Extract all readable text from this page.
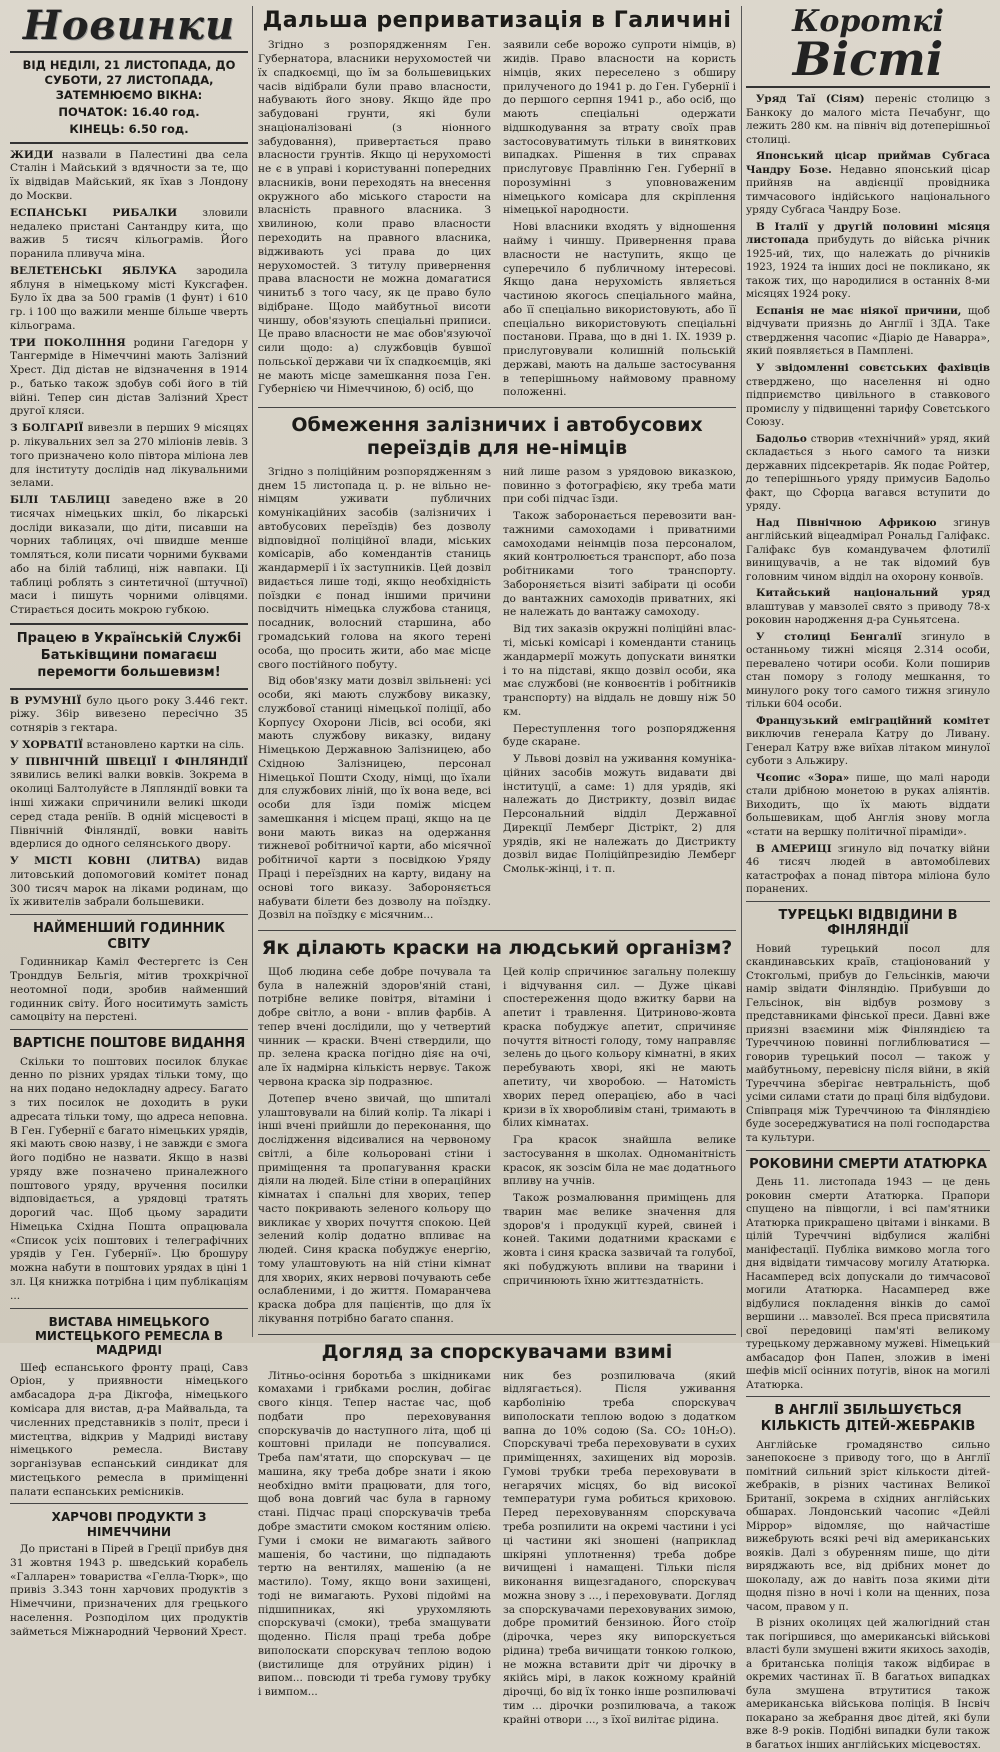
Новинки
ВІД НЕДІЛІ, 21 ЛИСТОПАДА, ДО СУБОТИ, 27 ЛИСТОПАДА, ЗАТЕМНЮЄМО ВІКНА:
ПОЧАТОК: 16.40 год.
КІНЕЦЬ: 6.50 год.

ЖИДИ назвали в Палестині два села Сталін і Майський з вдячности за те, що їх відвідав Майський, як їхав з Лондону до Москви.

ЕСПАНСЬКІ РИБАЛКИ зловили недалеко пристані Сантандру кита, що важив 5 тисяч кільограмів. Його поранила пливуча міна.

ВЕЛЕТЕНСЬКІ ЯБЛУКА зародила яблуня в німецькому місті Куксгафен. Було їх два за 500 грамів (1 фунт) і 610 гр. і 100 що важили менше більше чверть кільограма.

ТРИ ПОКОЛІННЯ родини Гагедорн у Тангерміде в Німеччині мають Залізний Хрест. Дід дістав не відзначення в 1914 р., батько також здобув собі його в тій війні. Тепер син дістав Залізний Хрест другої кляси.

З БОЛГАРІЇ вивезли в перших 9 місяцях р. лікувальних зел за 270 міліонів левів. З того призначено коло півтора міліона лев для інституту дослідів над лікувальними зелами.

БІЛІ ТАБЛИЦІ заведено вже в 20 тисячах німецьких шкіл, бо лікарські досліди виказали, що діти, писавши на чорних таблицях, очі швидше менше томляться, коли писати чорними буквами або на білій таблиці, ніж навпаки. Ці таблиці роблять з синтетичної (штучної) маси і пишуть чорними олівцями. Стирається досить мокрою губкою.

Працею в Українській Службі Батьківщини помагаєш перемогти большевизм!

В РУМУНІЇ було цього року 3.446 гект. ріжу. 36ір вивезено пересічно 35 сотнярів з гектара.

У ХОРВАТІЇ встановлено картки на сіль.

У ПІВНІЧНІЙ ШВЕЦІЇ І ФІНЛЯНДІЇ зявились великі валки вовків. Зокрема в околиці Балтолуйсте в Ляпляндії вовки та інші хижаки спричинили великі шкоди серед стада реніїв. В одній місцевості в Північній Фінляндії, вовки навіть вдерлися до одного селянського двору.

У МІСТІ КОВНІ (ЛИТВА) видав литовський допомоговий комітет понад 300 тисяч марок на ліками родинам, що їх живителів забрали большевики.

НАЙМЕНШИЙ ГОДИННИК СВІТУ

Годинникар Каміл Фестергетс із Сен Тронддув Бельгія, мітив трохкрічної неотомної поди, зробив найменший годинник світу. Його носитимуть замість самоцвіту на перстені.

ВАРТІСНЕ ПОШТОВЕ ВИДАННЯ

Скільки то поштових посилок блукає денно по різних урядах тільки тому, що на них подано недокладну адресу. Багато з тих посилок не доходить в руки адресата тільки тому, що адреса неповна. В Ген. Губернії є багато німецьких урядів, які мають свою назву, і не завжди є змога його подібно не назвати. Якщо в назві уряду вже позначено приналежного поштового уряду, вручення посилки відповідається, а урядовці тратять дорогий час. Щоб цьому зарадити Німецька Східна Пошта опрацювала «Список усіх поштових і телеграфічних урядів у Ген. Губернії». Цю брошуру можна набути в поштових урядах в ціні 1 зл. Ця книжка потрібна і цим публікаціям ...

ВИСТАВА НІМЕЦЬКОГО МИСТЕЦЬКОГО РЕМЕСЛА В МАДРИДІ

Шеф еспанського фронту праці, Савз Оріон, у приявности німецького амбасадора д-ра Дікгофа, німецького комісара для вистав, д-ра Майвальда, та численних представників з політ, преси і мистецтва, відкрив у Мадриді виставу німецького ремесла. Виставу зорганізував еспанський синдикат для мистецького ремесла в приміщенні палати еспанських ремісників.

ХАРЧОВІ ПРОДУКТИ З НІМЕЧЧИНИ

До пристані в Пірей в Греції прибув дня 31 жовтня 1943 р. шведський корабель «Галларен» товариства «Гелла-Тюрк», що привіз 3.343 тонн харчових продуктів з Німеччини, призначених для грецького населення. Розподілом цих продуктів займеться Міжнародний Червоний Хрест.

Дальша реприватизація в Галичині

Згідно з розпорядженням Ген. Губернатора, власники нерухомостей чи їх спадкоємці, що їм за большевицьких часів відібрали були право власности, набувають його знову. Якщо йде про забудовані грунти, які були знаціоналізовані (з ніонного забудовання), привертається право власности грунтів. Якщо ці нерухомості не є в управі і користуванні попередних власників, вони переходять на внесення окружного або міського старости на власність правного власника. З хвилиною, коли право власности переходить на правного власника, відживають усі права до цих нерухомостей. З титулу привернення права власности не можна домагатися чинитьб з того часу, як це право було відібране. Щодо майбутньої висоти чиншу, обов'язують спеціальні приписи. Це право власности не має обов'язуючої сили щодо: а) службовців бувшої польської держави чи їх спадкоємців, які не мають місце замешкання поза Ген. Губернією чи Німеччиною, б) осіб, що

заявили себе ворожо супроти німців, в) жидів. Право власности на користь німців, яких переселено з обширу прилученого до 1941 р. до Ген. Губернії і до першого серпня 1941 р., або осіб, що мають спеціальні одержати відшкодування за втрату своїх прав застосовуватимуть тільки в виняткових випадках. Рішення в тих справах прислуговує Правлінню Ген. Губернії в порозумінні з уповноваженим німецького комісара для скріплення німецької народности.

Нові власники входять у відношення найму і чиншу. Привернення права власности не наступить, якщо це суперечило б публичному інтересові. Якщо дана нерухомість являється частиною якогось спеціального майна, або її спеціально використовують, або її спеціально використовують спеціальні постанови. Права, що в дні 1. IX. 1939 р. прислуговували колишній польській державі, мають на дальше застосування в теперішньому наймовому правному положенні.

Обмеження залізничих і автобусових переїздів для не-німців

Згідно з поліційним розпорядженням з днем 15 листопада ц. р. не вільно не-німцям уживати публичних комунікаційних засобів (залізничих і автобусових переїздів) без дозволу відповідної поліційної влади, міських комісарів, або комендантів станиць жандармерії і їх заступників. Цей дозвіл видається лише тоді, якщо необхідність поїздки є понад іншими причини посвідчить німецька службова станиця, посадник, волосний старшина, або громадський голова на якого терені особа, що просить жити, або має місце свого постійного побуту.

Від обов'язку мати дозвіл звільнені: усі особи, які мають службову виказку, службової станиці німецької поліції, або Корпусу Охорони Лісів, всі особи, які мають службову виказку, видану Німецькою Державною Залізницею, або Східною Залізницею, персонал Німецької Пошти Сходу, німці, що їхали для службових ліній, що їх вона веде, всі особи для їзди поміж місцем замешкання і місцем праці, якщо на це вони мають виказ на одержання тижневої робітничої карти, або місячної робітничої карти з посвідкою Уряду Праці і переїздних на карту, видану на основі того виказу. Забороняється набувати білети без дозволу на поїздку. Дозвіл на поїздку є місячним...

ний лише разом з урядовою виказкою, повинно з фотографією, яку треба мати при собі підчас їзди.

Також заборонається перевозити вантажними самоходами і приватними самоходами неінмців поза персоналом, який контролюється транспорт, або поза робітниками того транспорту. Забороняється візиті забірати ці особи до вантажних самоходів приватних, які не належать до вантажу самоходу.

Від тих заказів окружні поліційні власті, міські комісарі і коменданти станиць жандармерії можуть допускати винятки і то на підставі, якщо дозвіл особи, яка має службові (не конвоєнтів і робітників транспорту) на віддаль не довшу ніж 50 км.

Переступлення того розпорядження буде скаране.

У Львові дозвіл на уживання комунікаційних засобів можуть видавати дві інституції, а саме: 1) для урядів, які належать до Дистрикту, дозвіл видає Персональний відділ Державної Дирекції Лемберг Дістрікт, 2) для урядів, які не належать до Дистрикту дозвіл видає Поліційпрезидію Лемберг Смольк-жінці, і т. п.

Як ділають краски на людський організм?

Щоб людина себе добре почувала та була в належній здоров'яній стані, потрібне велике повітря, вітаміни і добре світло, а вони - вплив фарбів. А тепер вчені дослідили, що у четвертий чинник — краски. Вчені ствердили, що пр. зелена краска погідно діяє на очі, але їх надмірна кількість нервує. Також червона краска зір подразнює.

Дотепер вчено звичай, що шпиталі улаштовували на білий колір. Та лікарі і інші вчені прийшли до переконання, що дослідження відсивалися на червоному світлі, а біле кольоровані стіни і приміщення та пропагування краски діяли на людей. Біле стіни в операційних кімнатах і спальні для хворих, тепер часто покривають зеленого кольору що викликає у хворих почуття спокою. Цей зелений колір додатно впливає на людей. Синя краска побуджує енергію, тому улаштовують на ній стіни кімнат для хворих, яких нервові почувають себе ослабленими, і до життя. Помаранчева краска добра для пацієнтів, що для їх лікування потрібно багато спання.

Цей колір спричинює загальну полекшу і відчування сил. — Дуже цікаві спостереження щодо вжитку барви на апетит і травлення. Цитриново-жовта краска побуджує апетит, спричиняє почуття вітності голоду, тому направляє зелень до цього кольору кімнатні, в яких перебувають хворі, які не мають апетиту, чи хворобою. — Натомість хворих перед операцією, або в часі кризи в їх хворобливім стані, тримають в білих кімнатах.

Гра красок знайшла велике застосування в школах. Одноманітність красок, як зозсім біла не має додатнього впливу на учнів.

Також розмалювання приміщень для тварин має велике значення для здоров'я і продукції курей, свиней і коней. Такими додатними красками є жовта і синя краска зазвичай та голубої, які побуджують впливи на тварини і спричинюють їхню життєздатність.

Догляд за спорскувачами взимі

Літньо-осіння боротьба з шкідниками комахами і грибками рослин, добігає свого кінця. Тепер настає час, щоб подбати про переховування спорскувачів до наступного літа, щоб ці коштовні прилади не попсувалися. Треба пам'ятати, що спорскувач — це машина, яку треба добре знати і якою необхідно вміти працювати, для того, щоб вона довгий час була в гарному стані. Підчас праці спорскувачів треба добре змастити смоком костяним олією. Гуми і смоки не вимагають зайвого машенія, бо частини, що підпадають тертю на вентилях, машенію (а не мастило). Тому, якщо вони захищені, тоді не вимагають. Рухові підоймі на підшипниках, які урухомляють спорскувачі (смоки), треба змащувати щоденно. Після праці треба добре виполоскати спорскувач теплою водою (вистилище для отруйних рідин) і випом... повсюди ті треба гумову трубку і вимпом...

ник без розпилювача (який відлягається). Після уживання карболінію треба спорскувач виполоскати теплою водою з додатком вапна до 10% содою (Sa. CO₂ 10H₂O). Спорскувачі треба переховувати в сухих приміщеннях, захищених від морозів. Гумові трубки треба переховувати в негарячих місцях, бо від високої температури гума робиться криховою. Перед переховуванням спорскувача треба розпилити на окремі частини і усі ці частини які зношені (наприклад шкіряні уплотнення) треба добре вичищені і намащені. Тільки після виконання вищезгаданого, спорскувач можна знову з ..., і переховувати. Догляд за спорскувачами переховуваних зимою, добре промитий бензиною. Його стоїр (дірочка, через яку випорскується рідина) треба вичищати тонкою голкою, не можна вставити дріт чи дірочку в якійсь мірі, в лакок кожному крайній дірочці, бо від їх тонко інше розпилювачі тим ... дірочки розпилювача, а також крайні отвори ..., з їхої вилітає рідина.

Короткі
Вісті

Уряд Таї (Сіям) переніс столицю з Банкоку до малого міста Печабунг, що лежить 280 км. на північ від дотеперішньої столиці.

Японський цісар приймав Субгаса Чандру Бозе. Недавно японський цісар прийняв на авдієнції провідника тимчасового індійського національного уряду Субгаса Чандру Бозе.

В Італії у другій половині місяця листопада прибудуть до війська річник 1925-ий, тих, що належать до річників 1923, 1924 та інших досі не покликано, як також тих, що народилися в останніх 8-ми місяцях 1924 року.

Еспанія не має ніякої причини, щоб відчувати приязнь до Англії і ЗДА. Таке ствердження часопис «Діаріо де Наварра», який появляється в Памплені.

У звідомленні совєтських фахівців стверджено, що населення ні одно підприємство цивільного в ставкового промислу у підвищенні тарифу Совєтського Союзу.

Бадольо створив «технічний» уряд, який складається з нього самого та низки державних підсекретарів. Як подає Ройтер, до теперішнього уряду примусив Бадольо факт, що Сфорца вагався вступити до уряду.

Над Північною Африкою згинув англійський віцеадмірал Рональд Галіфакс. Галіфакс був командувачем флотилії винищувачів, а не так відомий був головним чином відділ на охорону конвоїв.

Китайський національний уряд влаштував у мавзолеї свято з приводу 78-х роковин народження д-ра Суньятсена.

У столиці Бенгалії згинуло в останньому тижні місяця 2.314 особи, перевалено чотири особи. Коли поширив стан помору з голоду мешкання, то минулого року того самого тижня згинуло тільки 604 особи.

Французький еміграційний комітет виключив генерала Катру до Ливану. Генерал Катру вже виїхав літаком минулої суботи з Альжиру.

Чєопис «Зора» пише, що малі народи стали дрібною монетою в руках аліянтів. Виходить, що їх мають віддати большевикам, щоб Англія знову могла «стати на вершку політичної піраміди».

В АМЕРИЦІ згинуло від початку війни 46 тисяч людей в автомобілевих катастрофах а понад півтора міліона було поранених.

ТУРЕЦЬКІ ВІДВІДИНИ В ФІНЛЯНДІЇ

Новий турецький посол для скандинавських країв, стаціонований у Стокгольмі, прибув до Гельсінків, маючи намір звідати Фінляндію. Прибувши до Гельсінок, він відбув розмову з представниками фінської преси. Давні вже приязні взаємини між Фінляндією та Туреччиною повинні поглиблюватися — говорив турецький посол — також у майбутньому, перевісну після війни, в якій Туреччина зберігає невтральність, щоб усіми силами стати до праці біля відбудови. Співпраця між Туреччиною та Фінляндією буде зосереджуватися на полі господарства та культури.

РОКОВИНИ СМЕРТИ АТАТЮРКА

День 11. листопада 1943 — це день роковин смерти Ататюрка. Прапори спущено на півщогли, і всі пам'ятники Ататюрка прикрашено цвітами і вінками. В цілій Туреччині відбулися жалібні маніфестації. Публіка вимково могла того дня відвідати тимчасову могилу Ататюрка. Насамперед всіх допускали до тимчасової могили Ататюрка. Насамперед вже відбулися покладення вінків до самої вершини ... мавзолеї. Вся преса присвятила свої передовиці пам'яті великому турецькому державному мужеві. Німецький амбасадор фон Папен, зложив в імені шефів місії осінних потугів, вінок на могилі Ататюрка.

В АНГЛІЇ ЗБІЛЬШУЄТЬСЯ КІЛЬКІСТЬ ДІТЕЙ-ЖЕБРАКІВ

Англійське громадянство сильно занепокоєне з приводу того, що в Англії помітний сильний зріст кількости дітей-жебраків, в різних частинах Великої Британії, зокрема в східних англійських обшарах. Лондонський часопис «Дейлі Міррор» відомляє, що найчастіше вижебрують всякі речі від американських вояків. Далі з обуренням пише, що діти виряджають все, від дрібних монет до шоколаду, аж до навіть поза якими діти щодня пізно в ночі і коли на щенних, поза часом, правом у п.

В різних околицях цей жалюгідний стан так погіршився, що американські військові власті були змушені вжити якихось заходів, а британська поліція також відбирає в окремих частинах її. В багатьох випадках була змушена втрутитися також американська військова поліція. В Інсвіч покарано за жебрання двоє дітей, які були вже 8-9 років. Подібні випадки були також в багатьох інших англійських місцевостях.
